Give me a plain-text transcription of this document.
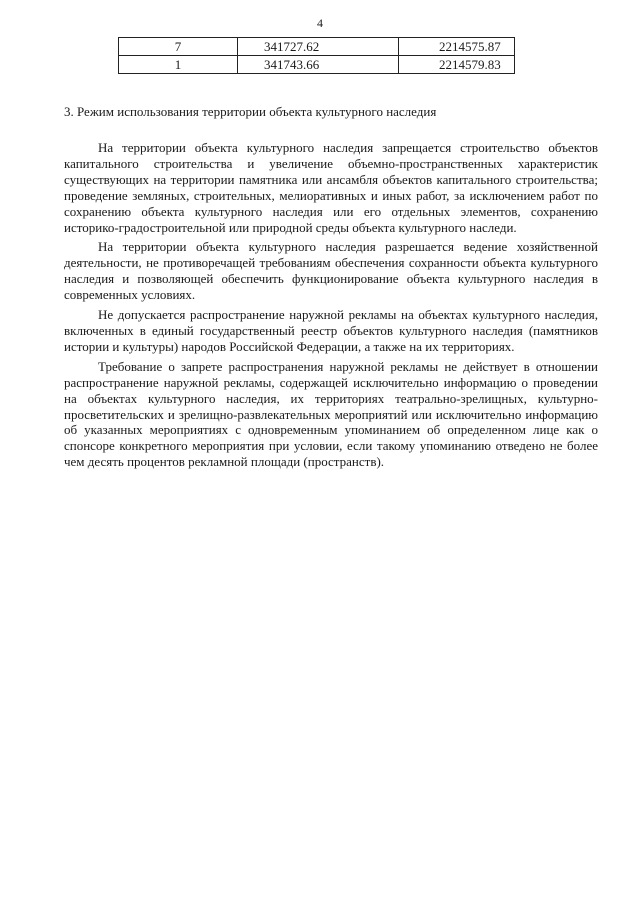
4
7	341727.62	2214575.87
1	341743.66	2214579.83
3. Режим использования территории объекта культурного наследия

На территории объекта культурного наследия запрещается строительство объектов капитального строительства и увеличение объемно-пространственных характеристик существующих на территории памятника или ансамбля объектов капитального строительства; проведение земляных, строительных, мелиоративных и иных работ, за исключением работ по сохранению объекта культурного наследия или его отдельных элементов, сохранению историко-градостроительной или природной среды объекта культурного наследи.

На территории объекта культурного наследия разрешается ведение хозяйственной деятельности, не противоречащей требованиям обеспечения сохранности объекта культурного наследия и позволяющей обеспечить функционирование объекта культурного наследия в современных условиях.

Не допускается распространение наружной рекламы на объектах культурного наследия, включенных в единый государственный реестр объектов культурного наследия (памятников истории и культуры) народов Российской Федерации, а также на их территориях.

Требование о запрете распространения наружной рекламы не действует в отношении распространение наружной рекламы, содержащей исключительно информацию о проведении на объектах культурного наследия, их территориях театрально-зрелищных, культурно-просветительских и зрелищно-развлекательных мероприятий или исключительно информацию об указанных мероприятиях с одновременным упоминанием об определенном лице как о спонсоре конкретного мероприятия при условии, если такому упоминанию отведено не более чем десять процентов рекламной площади (пространств).
